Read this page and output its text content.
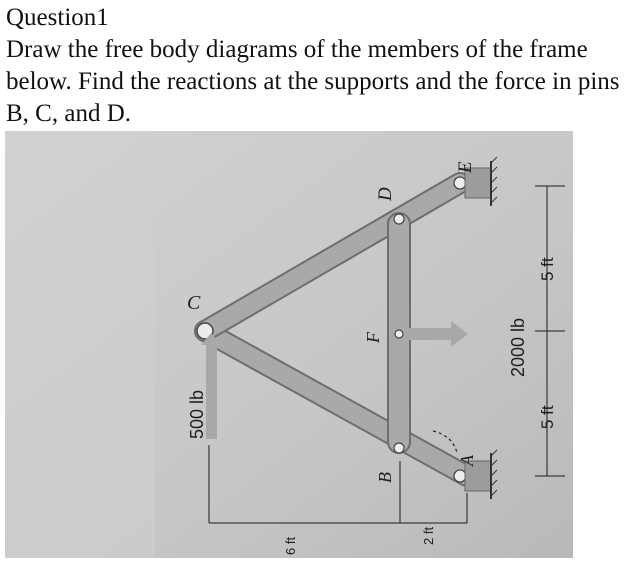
Question1
Draw the free body diagrams of the members of the frame below. Find the reactions at the supports and the force in pins B, C, and D.
C
D
E
F
B
A
500 lb
2000 lb
5 ft
5 ft
6 ft
2 ft
